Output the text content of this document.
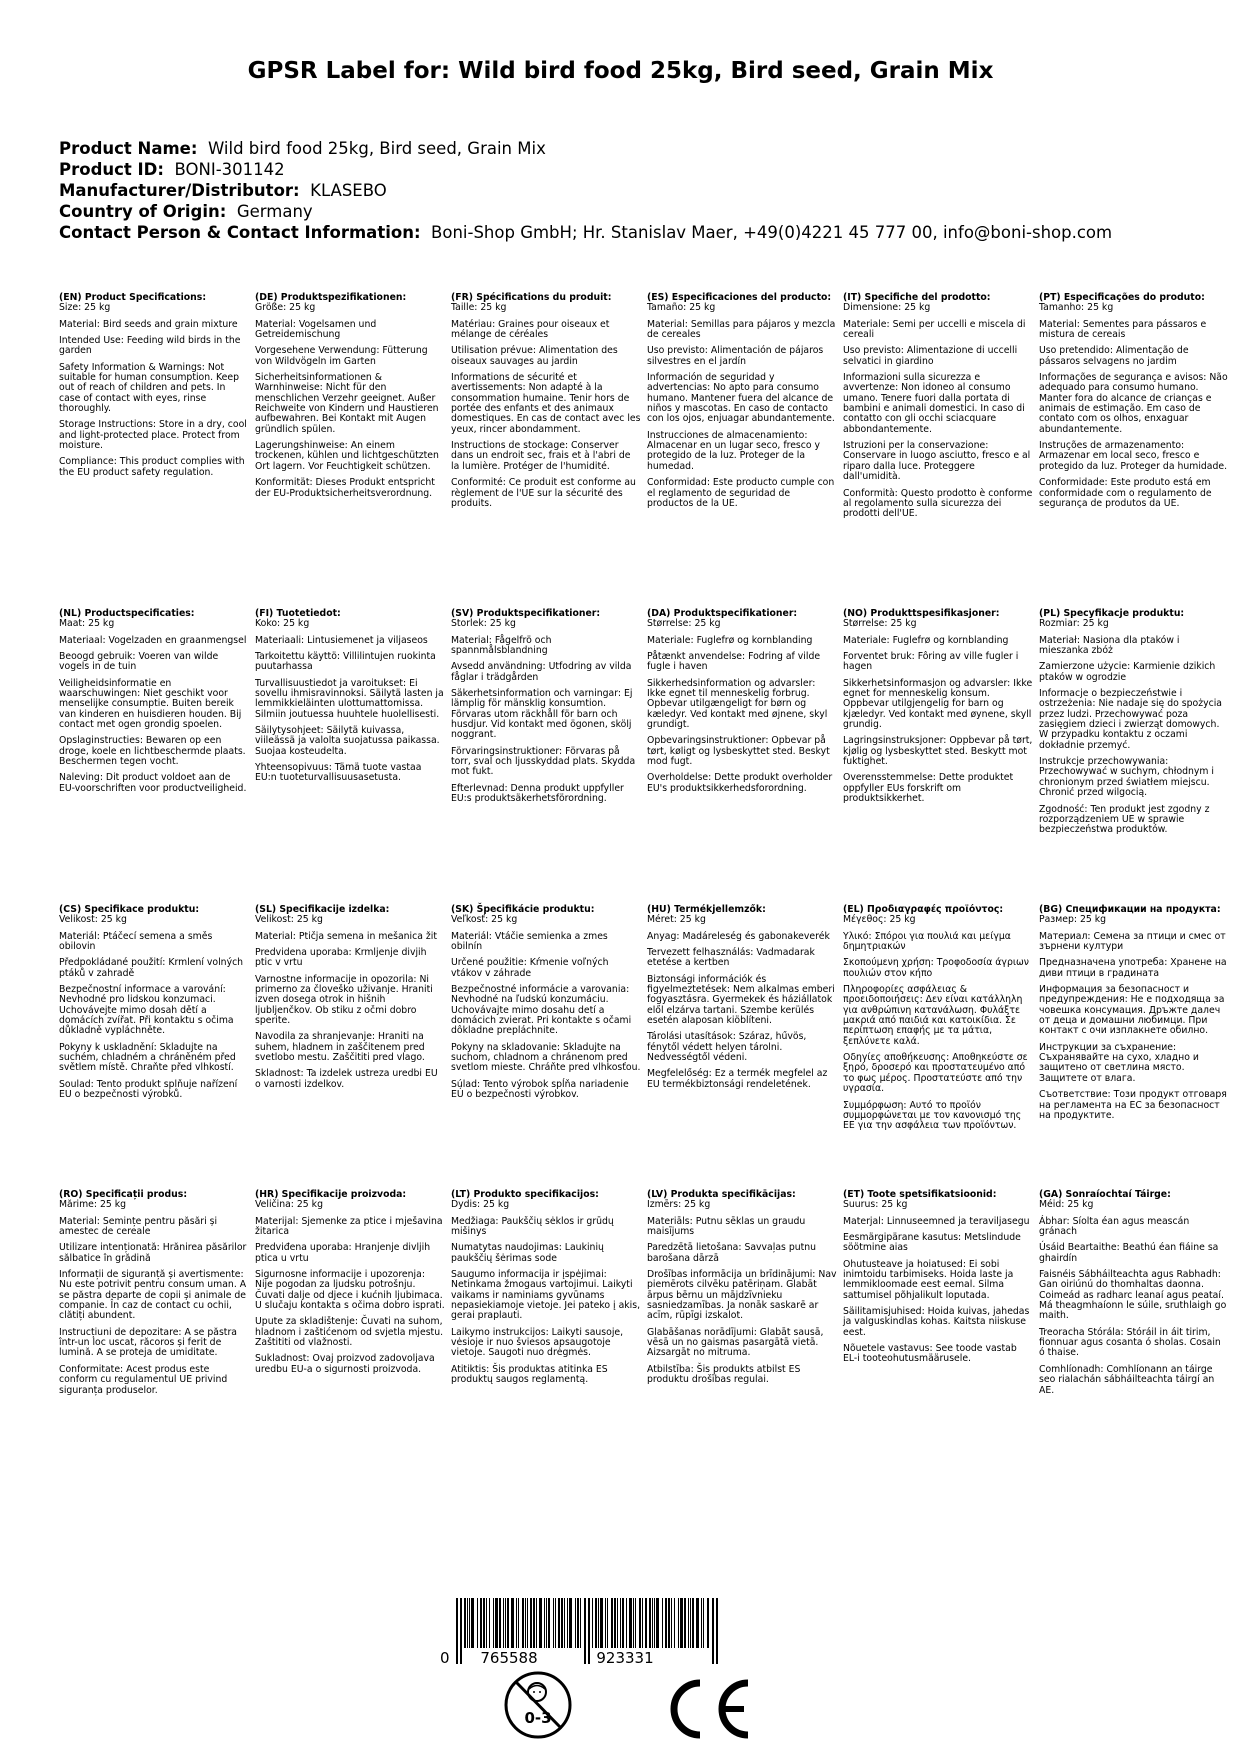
GPSR Label for: Wild bird food 25kg, Bird seed, Grain Mix
Product Name: Wild bird food 25kg, Bird seed, Grain Mix
Product ID: BONI-301142
Manufacturer/Distributor: KLASEBO
Country of Origin: Germany
Contact Person & Contact Information: Boni-Shop GmbH; Hr. Stanislav Maer, +49(0)4221 45 777 00, info@boni-shop.com
(EN) Product Specifications:

Size: 25 kg

Material: Bird seeds and grain mixture

Intended Use: Feeding wild birds in the garden

Safety Information & Warnings: Not suitable for human consumption. Keep out of reach of children and pets. In case of contact with eyes, rinse thoroughly.

Storage Instructions: Store in a dry, cool and light-protected place. Protect from moisture.

Compliance: This product complies with the EU product safety regulation.

(DE) Produktspezifikationen:

Größe: 25 kg

Material: Vogelsamen und Getreidemischung

Vorgesehene Verwendung: Fütterung von Wildvögeln im Garten

Sicherheitsinformationen & Warnhinweise: Nicht für den menschlichen Verzehr geeignet. Außer Reichweite von Kindern und Haustieren aufbewahren. Bei Kontakt mit Augen gründlich spülen.

Lagerungshinweise: An einem trockenen, kühlen und lichtgeschützten Ort lagern. Vor Feuchtigkeit schützen.

Konformität: Dieses Produkt entspricht der EU-Produktsicherheitsverordnung.

(FR) Spécifications du produit:

Taille: 25 kg

Matériau: Graines pour oiseaux et mélange de céréales

Utilisation prévue: Alimentation des oiseaux sauvages au jardin

Informations de sécurité et avertissements: Non adapté à la consommation humaine. Tenir hors de portée des enfants et des animaux domestiques. En cas de contact avec les yeux, rincer abondamment.

Instructions de stockage: Conserver dans un endroit sec, frais et à l'abri de la lumière. Protéger de l'humidité.

Conformité: Ce produit est conforme au règlement de l'UE sur la sécurité des produits.

(ES) Especificaciones del producto:

Tamaño: 25 kg

Material: Semillas para pájaros y mezcla de cereales

Uso previsto: Alimentación de pájaros silvestres en el jardín

Información de seguridad y advertencias: No apto para consumo humano. Mantener fuera del alcance de niños y mascotas. En caso de contacto con los ojos, enjuagar abundantemente.

Instrucciones de almacenamiento: Almacenar en un lugar seco, fresco y protegido de la luz. Proteger de la humedad.

Conformidad: Este producto cumple con el reglamento de seguridad de productos de la UE.

(IT) Specifiche del prodotto:

Dimensione: 25 kg

Materiale: Semi per uccelli e miscela di cereali

Uso previsto: Alimentazione di uccelli selvatici in giardino

Informazioni sulla sicurezza e avvertenze: Non idoneo al consumo umano. Tenere fuori dalla portata di bambini e animali domestici. In caso di contatto con gli occhi sciacquare abbondantemente.

Istruzioni per la conservazione: Conservare in luogo asciutto, fresco e al riparo dalla luce. Proteggere dall'umidità.

Conformità: Questo prodotto è conforme al regolamento sulla sicurezza dei prodotti dell'UE.

(PT) Especificações do produto:

Tamanho: 25 kg

Material: Sementes para pássaros e mistura de cereais

Uso pretendido: Alimentação de pássaros selvagens no jardim

Informações de segurança e avisos: Não adequado para consumo humano. Manter fora do alcance de crianças e animais de estimação. Em caso de contato com os olhos, enxaguar abundantemente.

Instruções de armazenamento: Armazenar em local seco, fresco e protegido da luz. Proteger da humidade.

Conformidade: Este produto está em conformidade com o regulamento de segurança de produtos da UE.

(NL) Productspecificaties:

Maat: 25 kg

Materiaal: Vogelzaden en graanmengsel

Beoogd gebruik: Voeren van wilde vogels in de tuin

Veiligheidsinformatie en waarschuwingen: Niet geschikt voor menselijke consumptie. Buiten bereik van kinderen en huisdieren houden. Bij contact met ogen grondig spoelen.

Opslaginstructies: Bewaren op een droge, koele en lichtbeschermde plaats. Beschermen tegen vocht.

Naleving: Dit product voldoet aan de EU-voorschriften voor productveiligheid.

(FI) Tuotetiedot:

Koko: 25 kg

Materiaali: Lintusiemenet ja viljaseos

Tarkoitettu käyttö: Villilintujen ruokinta puutarhassa

Turvallisuustiedot ja varoitukset: Ei sovellu ihmisravinnoksi. Säilytä lasten ja lemmikkieläinten ulottumattomissa. Silmiin joutuessa huuhtele huolellisesti.

Säilytysohjeet: Säilytä kuivassa, viileässä ja valolta suojatussa paikassa. Suojaa kosteudelta.

Yhteensopivuus: Tämä tuote vastaa EU:n tuoteturvallisuusasetusta.

(SV) Produktspecifikationer:

Storlek: 25 kg

Material: Fågelfrö och spannmålsblandning

Avsedd användning: Utfodring av vilda fåglar i trädgården

Säkerhetsinformation och varningar: Ej lämplig för mänsklig konsumtion. Förvaras utom räckhåll för barn och husdjur. Vid kontakt med ögonen, skölj noggrant.

Förvaringsinstruktioner: Förvaras på torr, sval och ljusskyddad plats. Skydda mot fukt.

Efterlevnad: Denna produkt uppfyller EU:s produktsäkerhetsförordning.

(DA) Produktspecifikationer:

Størrelse: 25 kg

Materiale: Fuglefrø og kornblanding

Påtænkt anvendelse: Fodring af vilde fugle i haven

Sikkerhedsinformation og advarsler: Ikke egnet til menneskelig forbrug. Opbevar utilgængeligt for børn og kæledyr. Ved kontakt med øjnene, skyl grundigt.

Opbevaringsinstruktioner: Opbevar på tørt, køligt og lysbeskyttet sted. Beskyt mod fugt.

Overholdelse: Dette produkt overholder EU's produktsikkerhedsforordning.

(NO) Produkttspesifikasjoner:

Størrelse: 25 kg

Materiale: Fuglefrø og kornblanding

Forventet bruk: Fôring av ville fugler i hagen

Sikkerhetsinformasjon og advarsler: Ikke egnet for menneskelig konsum. Oppbevar utilgjengelig for barn og kjæledyr. Ved kontakt med øynene, skyll grundig.

Lagringsinstruksjoner: Oppbevar på tørt, kjølig og lysbeskyttet sted. Beskytt mot fuktighet.

Overensstemmelse: Dette produktet oppfyller EUs forskrift om produktsikkerhet.

(PL) Specyfikacje produktu:

Rozmiar: 25 kg

Materiał: Nasiona dla ptaków i mieszanka zbóż

Zamierzone użycie: Karmienie dzikich ptaków w ogrodzie

Informacje o bezpieczeństwie i ostrzeżenia: Nie nadaje się do spożycia przez ludzi. Przechowywać poza zasięgiem dzieci i zwierząt domowych. W przypadku kontaktu z oczami dokładnie przemyć.

Instrukcje przechowywania: Przechowywać w suchym, chłodnym i chronionym przed światłem miejscu. Chronić przed wilgocią.

Zgodność: Ten produkt jest zgodny z rozporządzeniem UE w sprawie bezpieczeństwa produktów.

(CS) Specifikace produktu:

Velikost: 25 kg

Materiál: Ptáčecí semena a směs obilovin

Předpokládané použití: Krmlení volných ptáků v zahradě

Bezpečnostní informace a varování: Nevhodné pro lidskou konzumaci. Uchovávejte mimo dosah dětí a domácích zvířat. Při kontaktu s očima důkladně vypláchněte.

Pokyny k uskladnění: Skladujte na suchém, chladném a chráněném před světlem místě. Chraňte před vlhkostí.

Soulad: Tento produkt splňuje nařízení EU o bezpečnosti výrobků.

(SL) Specifikacije izdelka:

Velikost: 25 kg

Material: Ptičja semena in mešanica žit

Predvidena uporaba: Krmljenje divjih ptic v vrtu

Varnostne informacije in opozorila: Ni primerno za človeško uživanje. Hraniti izven dosega otrok in hišnih ljubljenčkov. Ob stiku z očmi dobro sperite.

Navodila za shranjevanje: Hraniti na suhem, hladnem in zaščitenem pred svetlobo mestu. Zaščititi pred vlago.

Skladnost: Ta izdelek ustreza uredbi EU o varnosti izdelkov.

(SK) Špecifikácie produktu:

Veľkosť: 25 kg

Materiál: Vtáčie semienka a zmes obilnín

Určené použitie: Kŕmenie voľných vtákov v záhrade

Bezpečnostné informácie a varovania: Nevhodné na ľudskú konzumáciu. Uchovávajte mimo dosahu detí a domácich zvierat. Pri kontakte s očami dôkladne prepláchnite.

Pokyny na skladovanie: Skladujte na suchom, chladnom a chránenom pred svetlom mieste. Chráňte pred vlhkosťou.

Súlad: Tento výrobok spĺňa nariadenie EÚ o bezpečnosti výrobkov.

(HU) Termékjellemzők:

Méret: 25 kg

Anyag: Madáreleség és gabonakeverék

Tervezett felhasználás: Vadmadarak etetése a kertben

Biztonsági információk és figyelmeztetések: Nem alkalmas emberi fogyasztásra. Gyermekek és háziállatok elől elzárva tartani. Szembe kerülés esetén alaposan kiöblíteni.

Tárolási utasítások: Száraz, hűvös, fénytől védett helyen tárolni. Nedvességtől védeni.

Megfelelőség: Ez a termék megfelel az EU termékbiztonsági rendeletének.

(EL) Προδιαγραφές προϊόντος:

Μέγεθος: 25 kg

Υλικό: Σπόροι για πουλιά και μείγμα δημητριακών

Σκοπούμενη χρήση: Τροφοδοσία άγριων πουλιών στον κήπο

Πληροφορίες ασφάλειας & προειδοποιήσεις: Δεν είναι κατάλληλη για ανθρώπινη κατανάλωση. Φυλάξτε μακριά από παιδιά και κατοικίδια. Σε περίπτωση επαφής με τα μάτια, ξεπλύνετε καλά.

Οδηγίες αποθήκευσης: Αποθηκεύστε σε ξηρό, δροσερό και προστατευμένο από το φως μέρος. Προστατεύστε από την υγρασία.

Συμμόρφωση: Αυτό το προϊόν συμμορφώνεται με τον κανονισμό της ΕΕ για την ασφάλεια των προϊόντων.

(BG) Спецификации на продукта:

Размер: 25 kg

Материал: Семена за птици и смес от зърнени култури

Предназначена употреба: Хранене на диви птици в градината

Информация за безопасност и предупреждения: Не е подходяща за човешка консумация. Дръжте далеч от деца и домашни любимци. При контакт с очи изплакнете обилно.

Инструкции за съхранение: Съхранявайте на сухо, хладно и защитено от светлина място. Защитете от влага.

Съответствие: Този продукт отговаря на регламента на ЕС за безопасност на продуктите.

(RO) Specificații produs:

Mărime: 25 kg

Material: Semințe pentru păsări și amestec de cereale

Utilizare intenționată: Hrănirea păsărilor sălbatice în grădină

Informații de siguranță și avertismente: Nu este potrivit pentru consum uman. A se păstra departe de copii și animale de companie. În caz de contact cu ochii, clătiți abundent.

Instrucțiuni de depozitare: A se păstra într-un loc uscat, răcoros și ferit de lumină. A se proteja de umiditate.

Conformitate: Acest produs este conform cu regulamentul UE privind siguranța produselor.

(HR) Specifikacije proizvoda:

Veličina: 25 kg

Materijal: Sjemenke za ptice i mješavina žitarica

Predviđena uporaba: Hranjenje divljih ptica u vrtu

Sigurnosne informacije i upozorenja: Nije pogodan za ljudsku potrošnju. Čuvati dalje od djece i kućnih ljubimaca. U slučaju kontakta s očima dobro isprati.

Upute za skladištenje: Čuvati na suhom, hladnom i zaštićenom od svjetla mjestu. Zaštititi od vlažnosti.

Sukladnost: Ovaj proizvod zadovoljava uredbu EU-a o sigurnosti proizvoda.

(LT) Produkto specifikacijos:

Dydis: 25 kg

Medžiaga: Paukščių sėklos ir grūdų mišinys

Numatytas naudojimas: Laukinių paukščių šėrimas sode

Saugumo informacija ir įspėjimai: Netinkama žmogaus vartojimui. Laikyti vaikams ir naminiams gyvūnams nepasiekiamoje vietoje. Jei pateko į akis, gerai praplauti.

Laikymo instrukcijos: Laikyti sausoje, vėsioje ir nuo šviesos apsaugotoje vietoje. Saugoti nuo drėgmės.

Atitiktis: Šis produktas atitinka ES produktų saugos reglamentą.

(LV) Produkta specifikācijas:

Izmērs: 25 kg

Materiāls: Putnu sēklas un graudu maisījums

Paredzētā lietošana: Savvaļas putnu barošana dārzā

Drošības informācija un brīdinājumi: Nav piemērots cilvēku patēriņam. Glabāt ārpus bērnu un mājdzīvnieku sasniedzamības. Ja nonāk saskarē ar acīm, rūpīgi izskalot.

Glabāšanas norādījumi: Glabāt sausā, vēsā un no gaismas pasargātā vietā. Aizsargāt no mitruma.

Atbilstība: Šis produkts atbilst ES produktu drošības regulai.

(ET) Toote spetsifikatsioonid:

Suurus: 25 kg

Materjal: Linnuseemned ja teraviljasegu

Eesmärgipärane kasutus: Metslindude söötmine aias

Ohutusteave ja hoiatused: Ei sobi inimtoidu tarbimiseks. Hoida laste ja lemmikloomade eest eemal. Silma sattumisel põhjalikult loputada.

Säilitamisjuhised: Hoida kuivas, jahedas ja valguskindlas kohas. Kaitsta niiskuse eest.

Nõuetele vastavus: See toode vastab EL-i tooteohutusmäärusele.

(GA) Sonraíochtaí Táirge:

Méid: 25 kg

Ábhar: Síolta éan agus meascán gránach

Úsáid Beartaithe: Beathú éan fiáine sa ghairdín

Faisnéis Sábháilteachta agus Rabhadh: Gan oiriúnú do thomhaltas daonna. Coimeád as radharc leanaí agus peataí. Má theagmhaíonn le súile, sruthlaigh go maith.

Treoracha Stórála: Stóráil in áit tirim, fionnuar agus cosanta ó sholas. Cosain ó thaise.

Comhlíonadh: Comhlíonann an táirge seo rialachán sábháilteachta táirgí an AE.

0 765588	923331
0-3
